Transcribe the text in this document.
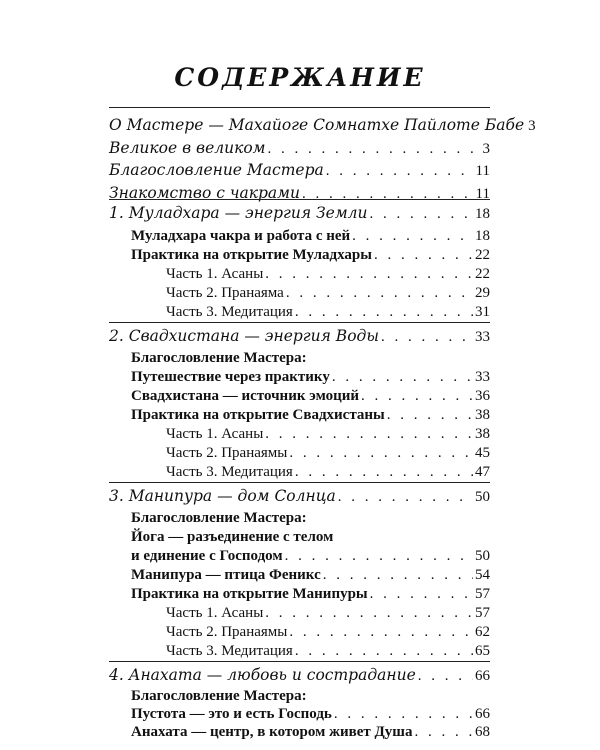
СОДЕРЖАНИЕ
О Мастере — Махайоге Сомнатхе Пайлоте Бабе 3
Великое в великом . . .	3
Благословление Мастера . . .	11
Знакомство с чакрами . . .	11
1. Муладхара — энергия Земли . . .	18
Муладхара чакра и работа с ней . . .	18
Практика на открытие Муладхары . . .	22
Часть 1. Асаны . . .	22
Часть 2. Пранаяма . . .	29
Часть 3. Медитация . . .	31
2. Свадхистана — энергия Воды . . .	33
Благословление Мастера:
Путешествие через практику . . .	33
Свадхистана — источник эмоций . . .	36
Практика на открытие Свадхистаны . . .	38
Часть 1. Асаны . . .	38
Часть 2. Пранаямы . . .	45
Часть 3. Медитация . . .	47
3. Манипура — дом Солнца . . .	50
Благословление Мастера:
Йога — разъединение с телом
и единение с Господом . . .	50
Манипура — птица Феникс . . .	54
Практика на открытие Манипуры . . .	57
Часть 1. Асаны . . .	57
Часть 2. Пранаямы . . .	62
Часть 3. Медитация . . .	65
4. Анахата — любовь и сострадание . . .	66
Благословление Мастера:
Пустота — это и есть Господь . . .	66
Анахата — центр, в котором живет Душа . . .	68
